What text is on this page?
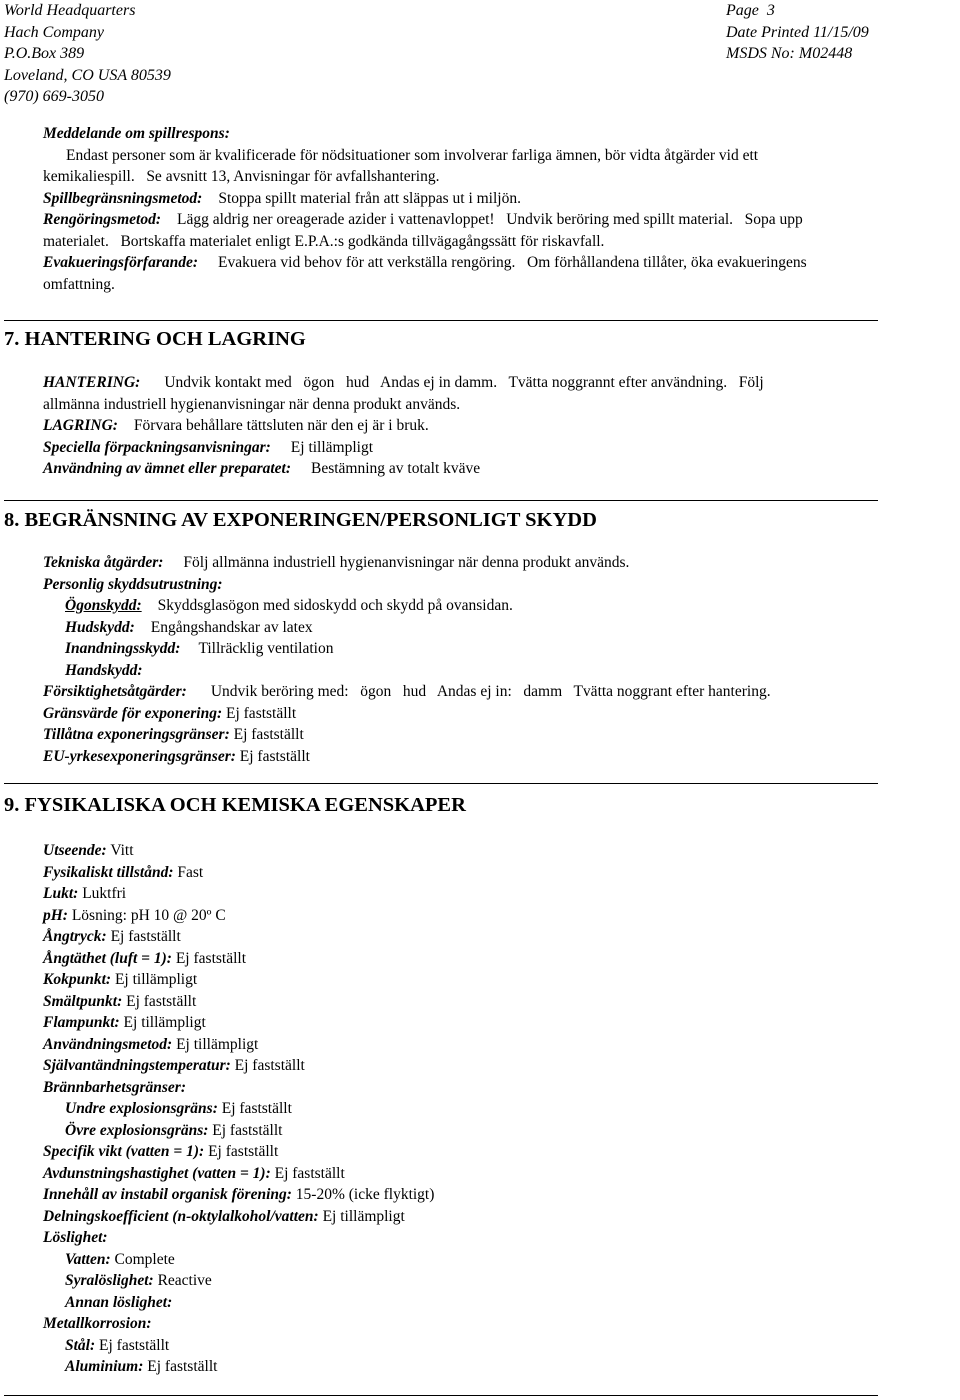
World Headquarters
Hach Company
P.O.Box 389
Loveland, CO USA 80539
(970) 669-3050
Page  3
Date Printed 11/15/09
MSDS No: M02448
Meddelande om spillrespons:
Endast personer som är kvalificerade för nödsituationer som involverar farliga ämnen, bör vidta åtgärder vid ett
kemikaliespill.   Se avsnitt 13, Anvisningar för avfallshantering.
Spillbegränsningsmetod: Stoppa spillt material från att släppas ut i miljön.
Rengöringsmetod: Lägg aldrig ner oreagerade azider i vattenavloppet!   Undvik beröring med spillt material.   Sopa upp
materialet.   Bortskaffa materialet enligt E.P.A.:s godkända tillvägagångssätt för riskavfall.
Evakueringsförfarande: Evakuera vid behov för att verkställa rengöring.   Om förhållandena tillåter, öka evakueringens
omfattning.
7. HANTERING OCH LAGRING
HANTERING: Undvik kontakt med   ögon   hud   Andas ej in damm.   Tvätta noggrannt efter användning.   Följ
allmänna industriell hygienanvisningar när denna produkt används.
LAGRING: Förvara behållare tättsluten när den ej är i bruk.
Speciella förpackningsanvisningar: Ej tillämpligt
Användning av ämnet eller preparatet: Bestämning av totalt kväve
8. BEGRÄNSNING AV EXPONERINGEN/PERSONLIGT SKYDD
Tekniska åtgärder: Följ allmänna industriell hygienanvisningar när denna produkt används.
Personlig skyddsutrustning:
Ögonskydd: Skyddsglasögon med sidoskydd och skydd på ovansidan.
Hudskydd: Engångshandskar av latex
Inandningsskydd: Tillräcklig ventilation
Handskydd:
Försiktighetsåtgärder: Undvik beröring med:   ögon   hud   Andas ej in:   damm   Tvätta noggrant efter hantering.
Gränsvärde för exponering: Ej fastställt
Tillåtna exponeringsgränser: Ej fastställt
EU-yrkesexponeringsgränser: Ej fastställt
9. FYSIKALISKA OCH KEMISKA EGENSKAPER
Utseende: Vitt
Fysikaliskt tillstånd: Fast
Lukt: Luktfri
pH: Lösning: pH 10 @ 20º C
Ångtryck: Ej fastställt
Ångtäthet (luft = 1): Ej fastställt
Kokpunkt: Ej tillämpligt
Smältpunkt: Ej fastställt
Flampunkt: Ej tillämpligt
Användningsmetod: Ej tillämpligt
Självantändningstemperatur: Ej fastställt
Brännbarhetsgränser:
Undre explosionsgräns: Ej fastställt
Övre explosionsgräns: Ej fastställt
Specifik vikt (vatten = 1): Ej fastställt
Avdunstningshastighet (vatten = 1): Ej fastställt
Innehåll av instabil organisk förening: 15-20% (icke flyktigt)
Delningskoefficient (n-oktylalkohol/vatten: Ej tillämpligt
Löslighet:
Vatten: Complete
Syralöslighet: Reactive
Annan löslighet:
Metallkorrosion:
Stål: Ej fastställt
Aluminium: Ej fastställt
